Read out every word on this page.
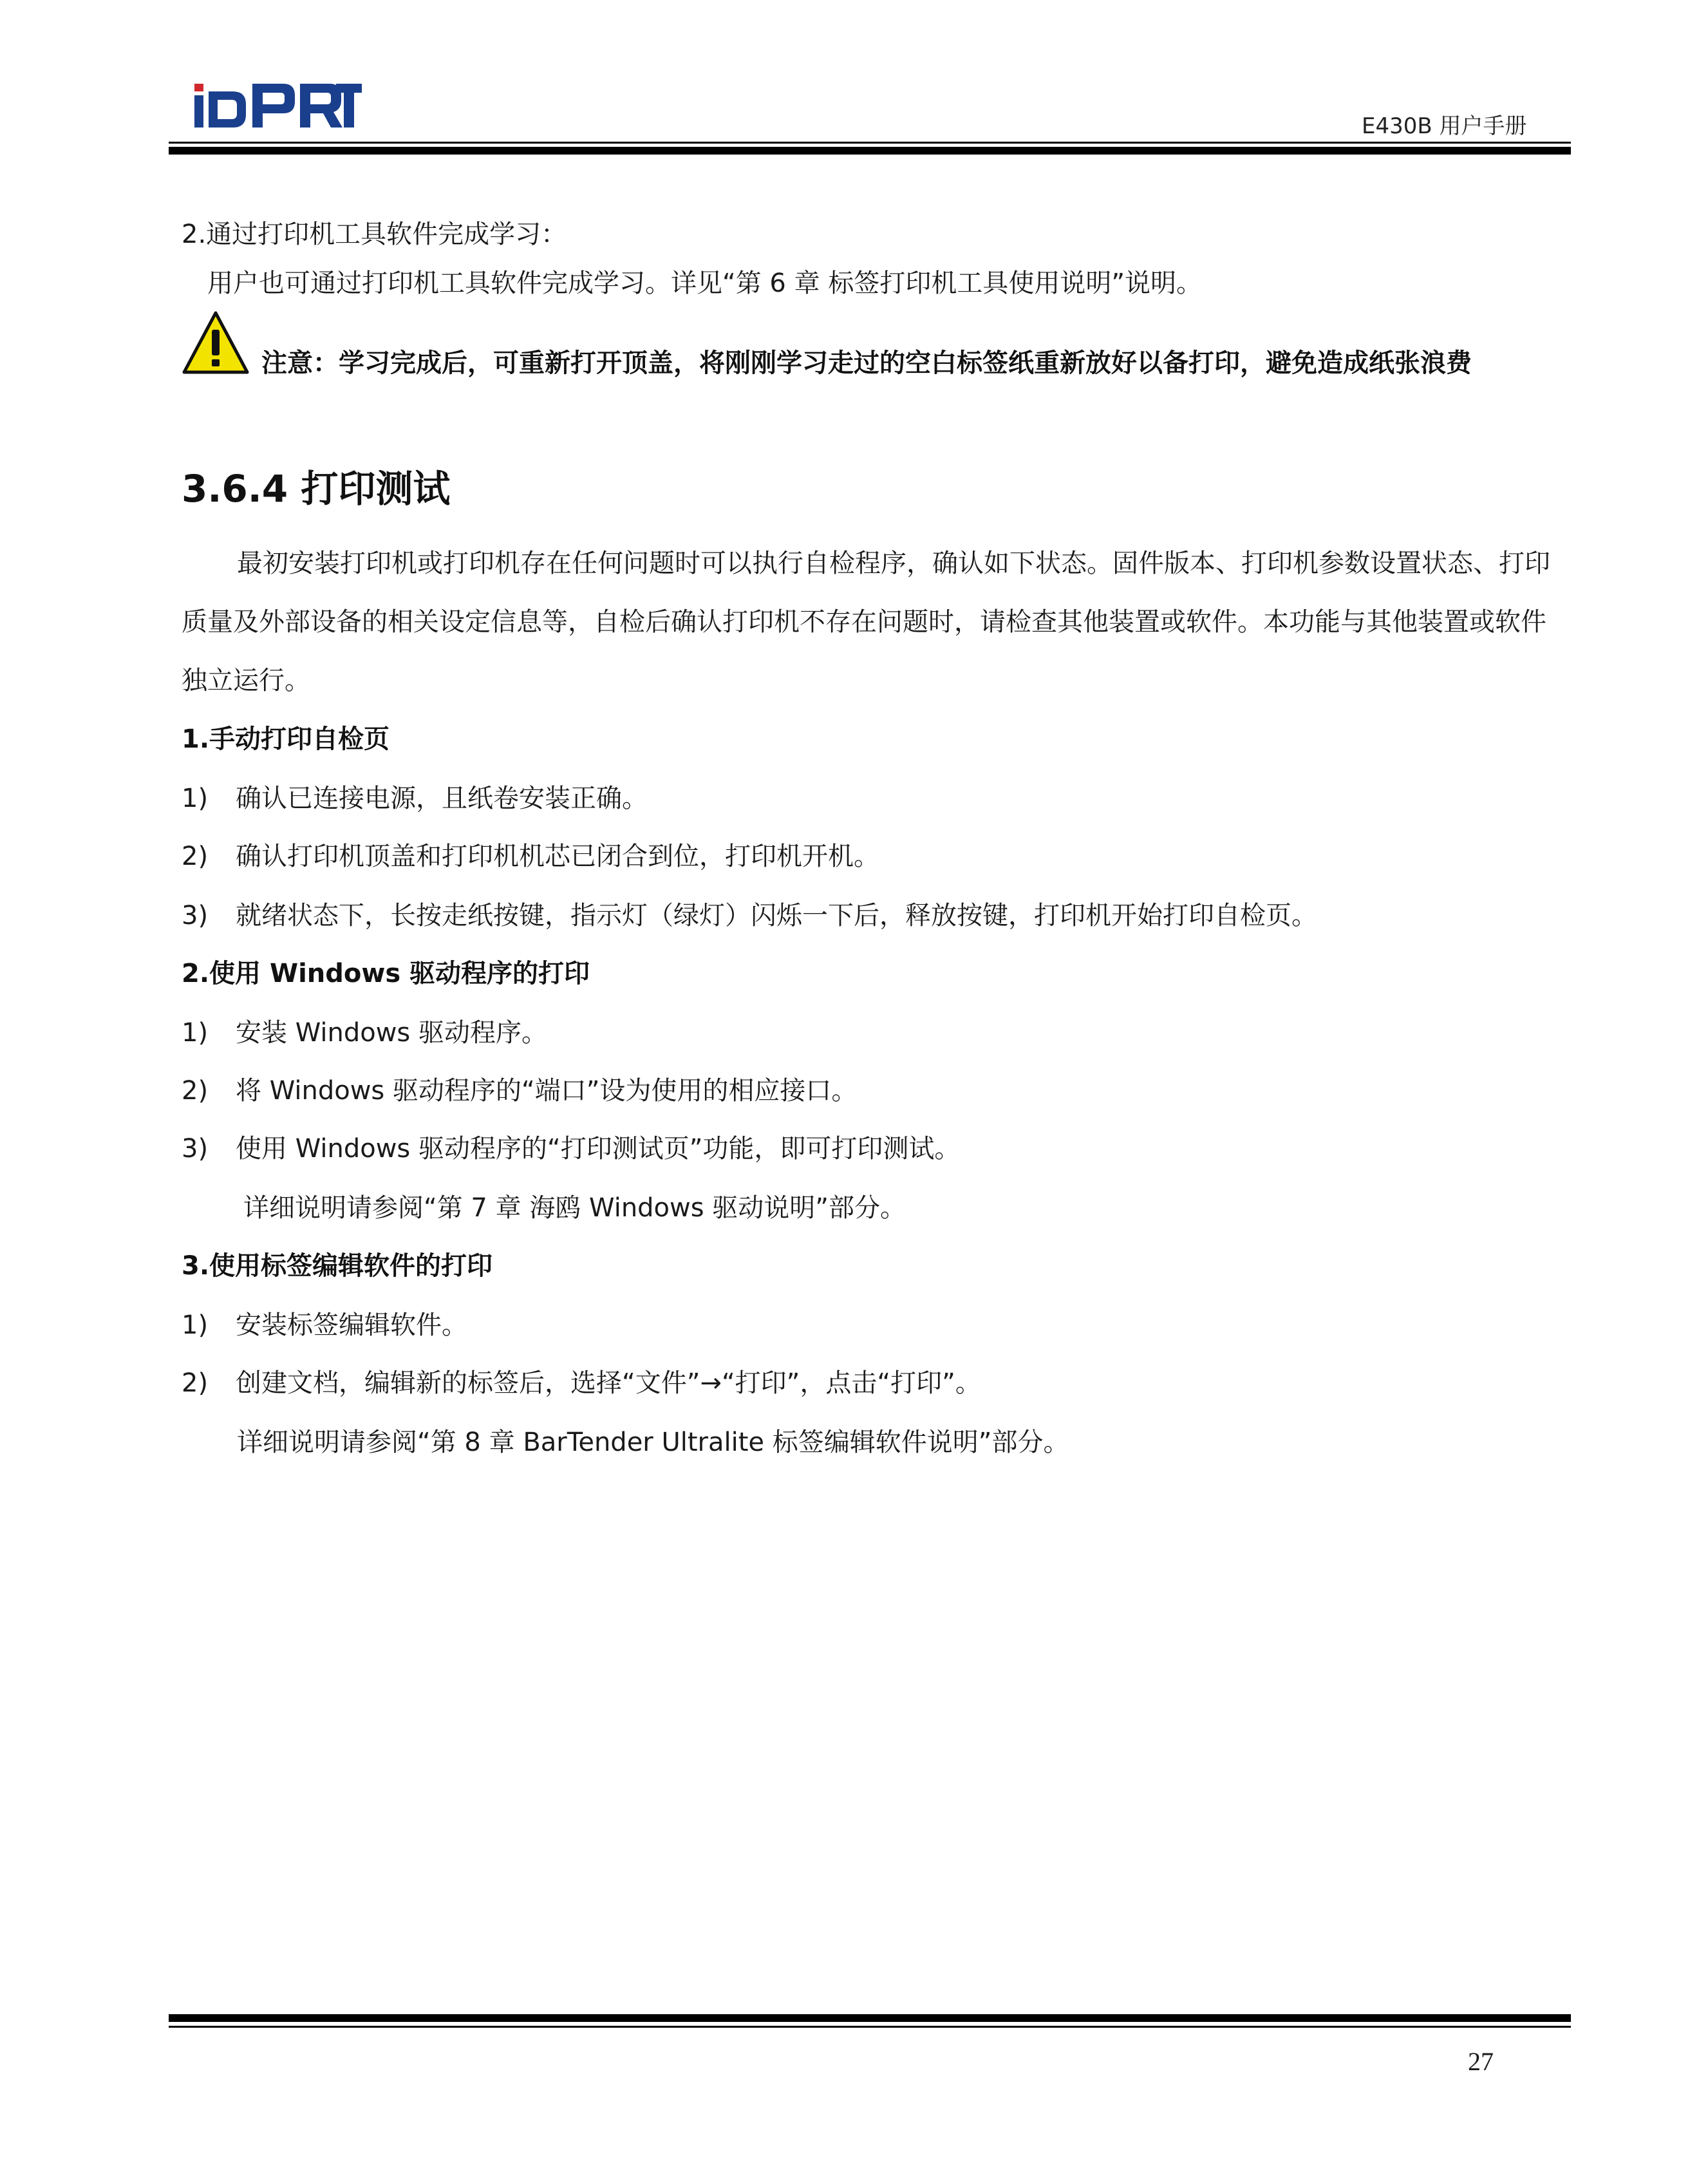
E430B 用户手册
2.通过打印机工具软件完成学习：
用户也可通过打印机工具软件完成学习。详见“第 6 章 标签打印机工具使用说明”说明。
注意：学习完成后，可重新打开顶盖，将刚刚学习走过的空白标签纸重新放好以备打印，避免造成纸张浪费
3.6.4 打印测试
最初安装打印机或打印机存在任何问题时可以执行自检程序，确认如下状态。固件版本、打印机参数设置状态、打印质量及外部设备的相关设定信息等，自检后确认打印机不存在问题时，请检查其他装置或软件。本功能与其他装置或软件独立运行。
1.手动打印自检页
1) 确认已连接电源，且纸卷安装正确。
2) 确认打印机顶盖和打印机机芯已闭合到位，打印机开机。
3) 就绪状态下，长按走纸按键，指示灯（绿灯）闪烁一下后，释放按键，打印机开始打印自检页。
2.使用 Windows 驱动程序的打印
1) 安装 Windows 驱动程序。
2) 将 Windows 驱动程序的“端口”设为使用的相应接口。
3) 使用 Windows 驱动程序的“打印测试页”功能，即可打印测试。
详细说明请参阅“第 7 章 海鸥 Windows 驱动说明”部分。
3.使用标签编辑软件的打印
1) 安装标签编辑软件。
2) 创建文档，编辑新的标签后，选择“文件”→“打印”，点击“打印”。
详细说明请参阅“第 8 章 BarTender Ultralite 标签编辑软件说明”部分。
27
